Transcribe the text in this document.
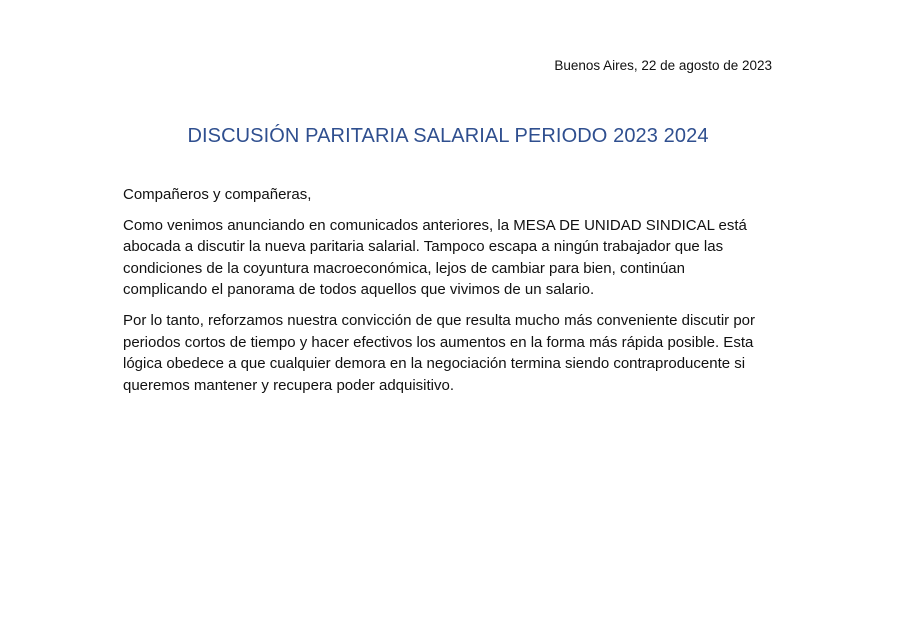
Buenos Aires, 22 de agosto de 2023
DISCUSIÓN PARITARIA SALARIAL PERIODO 2023 2024

Compañeros y compañeras,

Como venimos anunciando en comunicados anteriores, la MESA DE UNIDAD SINDICAL está
abocada a discutir la nueva paritaria salarial. Tampoco escapa a ningún trabajador que las
condiciones de la coyuntura macroeconómica, lejos de cambiar para bien, continúan
complicando el panorama de todos aquellos que vivimos de un salario.

Por lo tanto, reforzamos nuestra convicción de que resulta mucho más conveniente discutir por
periodos cortos de tiempo y hacer efectivos los aumentos en la forma más rápida posible. Esta
lógica obedece a que cualquier demora en la negociación termina siendo contraproducente si
queremos mantener y recupera poder adquisitivo.
